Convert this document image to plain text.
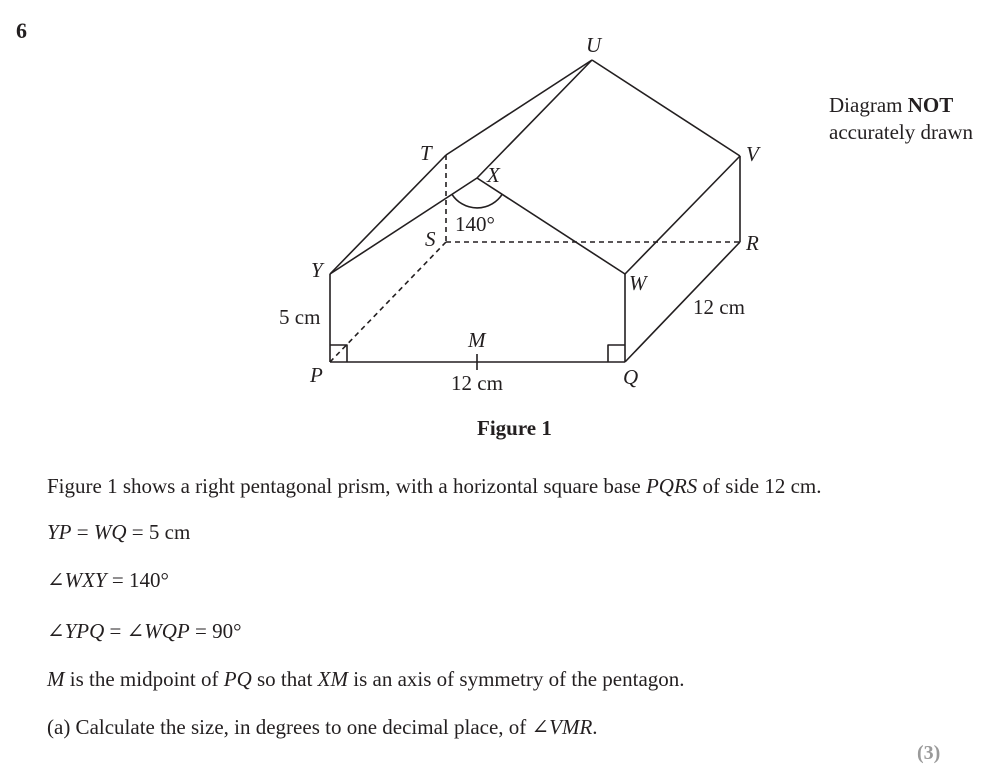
6
Diagram NOT
accurately drawn
U
T	V
X
S	R
Y
W
P	Q
M
140°
5 cm
12 cm
12 cm
Figure 1
Figure 1 shows a right pentagonal prism, with a horizontal square base PQRS of side 12 cm.
YP = WQ = 5 cm
∠WXY = 140°
∠YPQ = ∠WQP = 90°
M is the midpoint of PQ so that XM is an axis of symmetry of the pentagon.
(a) Calculate the size, in degrees to one decimal place, of ∠VMR.
(3)
